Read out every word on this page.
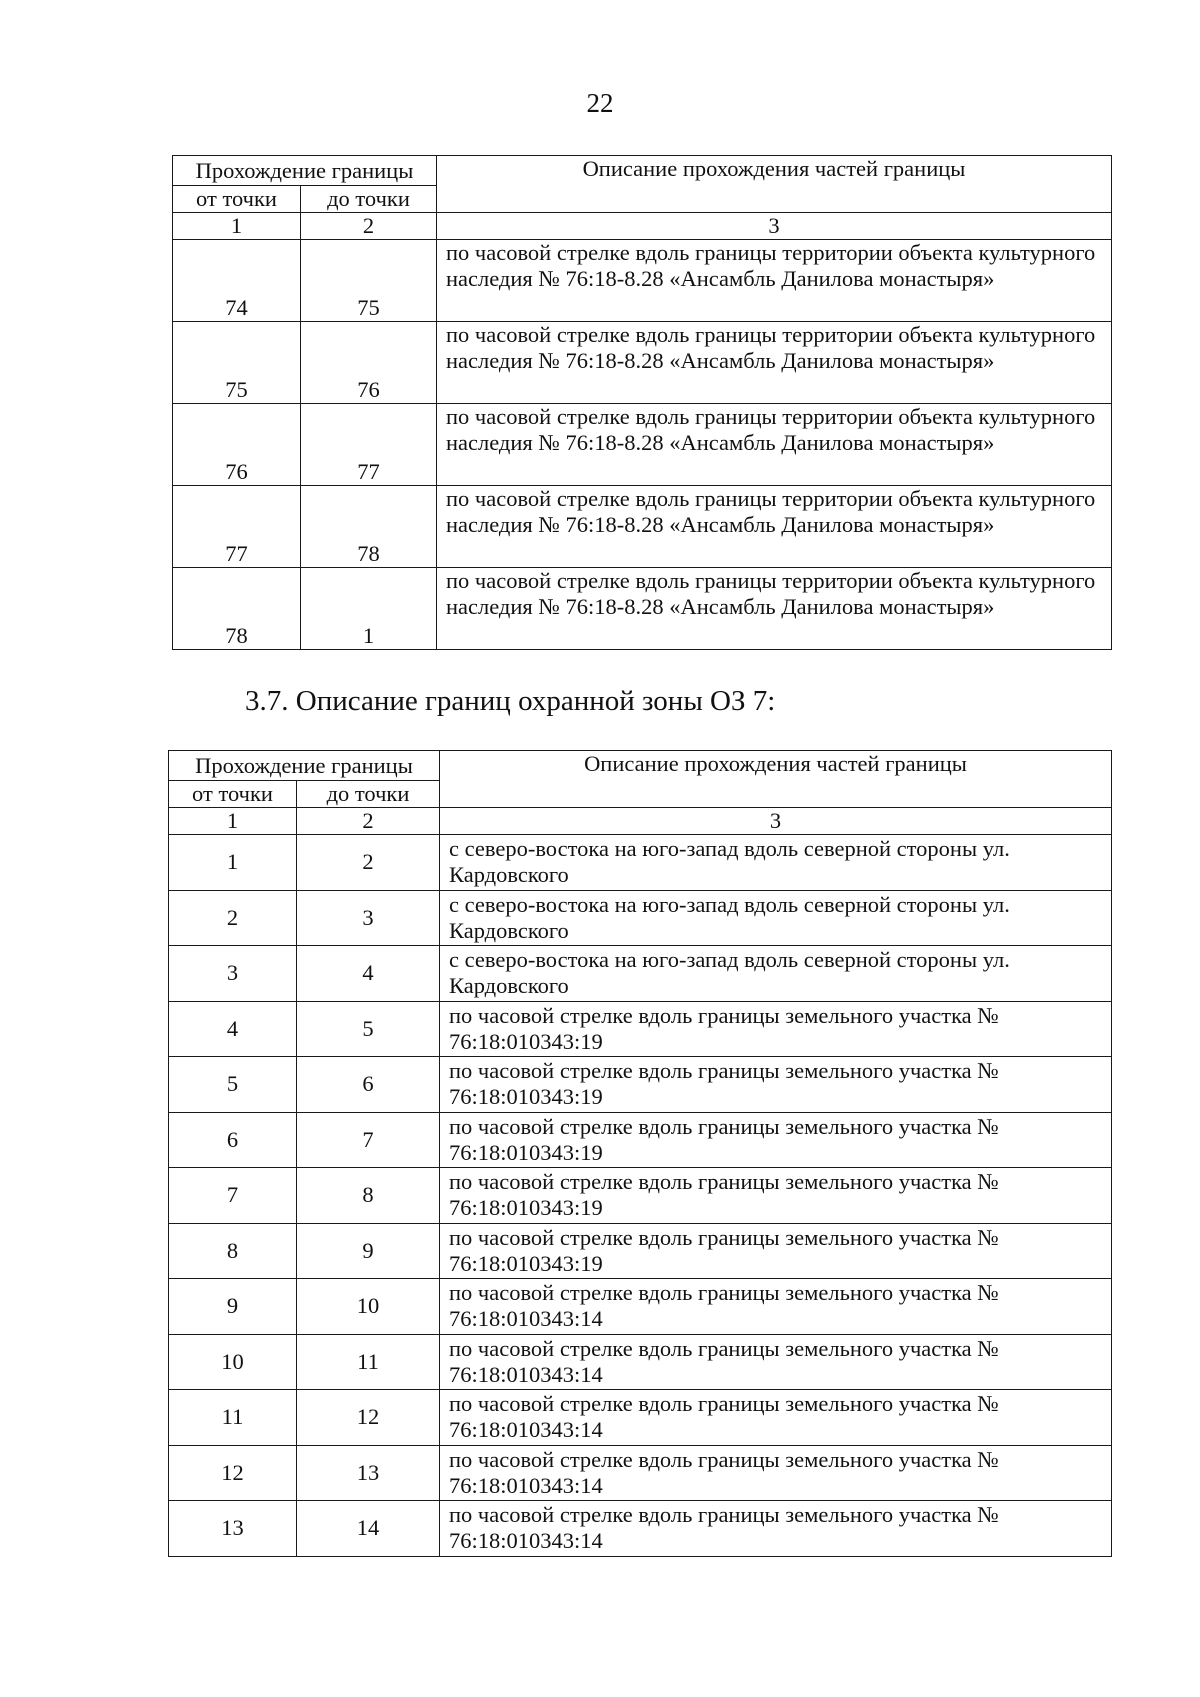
22
Прохождение границы		Описание прохождения частей границы
от точки	до точки	
1	2	3
74	75	по часовой стрелке вдоль границы территории объекта культурного наследия № 76:18-8.28 «Ансамбль Данилова монастыря»
75	76	по часовой стрелке вдоль границы территории объекта культурного наследия № 76:18-8.28 «Ансамбль Данилова монастыря»
76	77	по часовой стрелке вдоль границы территории объекта культурного наследия № 76:18-8.28 «Ансамбль Данилова монастыря»
77	78	по часовой стрелке вдоль границы территории объекта культурного наследия № 76:18-8.28 «Ансамбль Данилова монастыря»
78	1	по часовой стрелке вдоль границы территории объекта культурного наследия № 76:18-8.28 «Ансамбль Данилова монастыря»
3.7. Описание границ охранной зоны ОЗ 7:
Прохождение границы		Описание прохождения частей границы
от точки	до точки	
1	2	3
1	2	с северо-востока на юго-запад вдоль северной стороны ул. Кардовского
2	3	с северо-востока на юго-запад вдоль северной стороны ул. Кардовского
3	4	с северо-востока на юго-запад вдоль северной стороны ул. Кардовского
4	5	по часовой стрелке вдоль границы земельного участка № 76:18:010343:19
5	6	по часовой стрелке вдоль границы земельного участка № 76:18:010343:19
6	7	по часовой стрелке вдоль границы земельного участка № 76:18:010343:19
7	8	по часовой стрелке вдоль границы земельного участка № 76:18:010343:19
8	9	по часовой стрелке вдоль границы земельного участка № 76:18:010343:19
9	10	по часовой стрелке вдоль границы земельного участка № 76:18:010343:14
10	11	по часовой стрелке вдоль границы земельного участка № 76:18:010343:14
11	12	по часовой стрелке вдоль границы земельного участка № 76:18:010343:14
12	13	по часовой стрелке вдоль границы земельного участка № 76:18:010343:14
13	14	по часовой стрелке вдоль границы земельного участка № 76:18:010343:14
